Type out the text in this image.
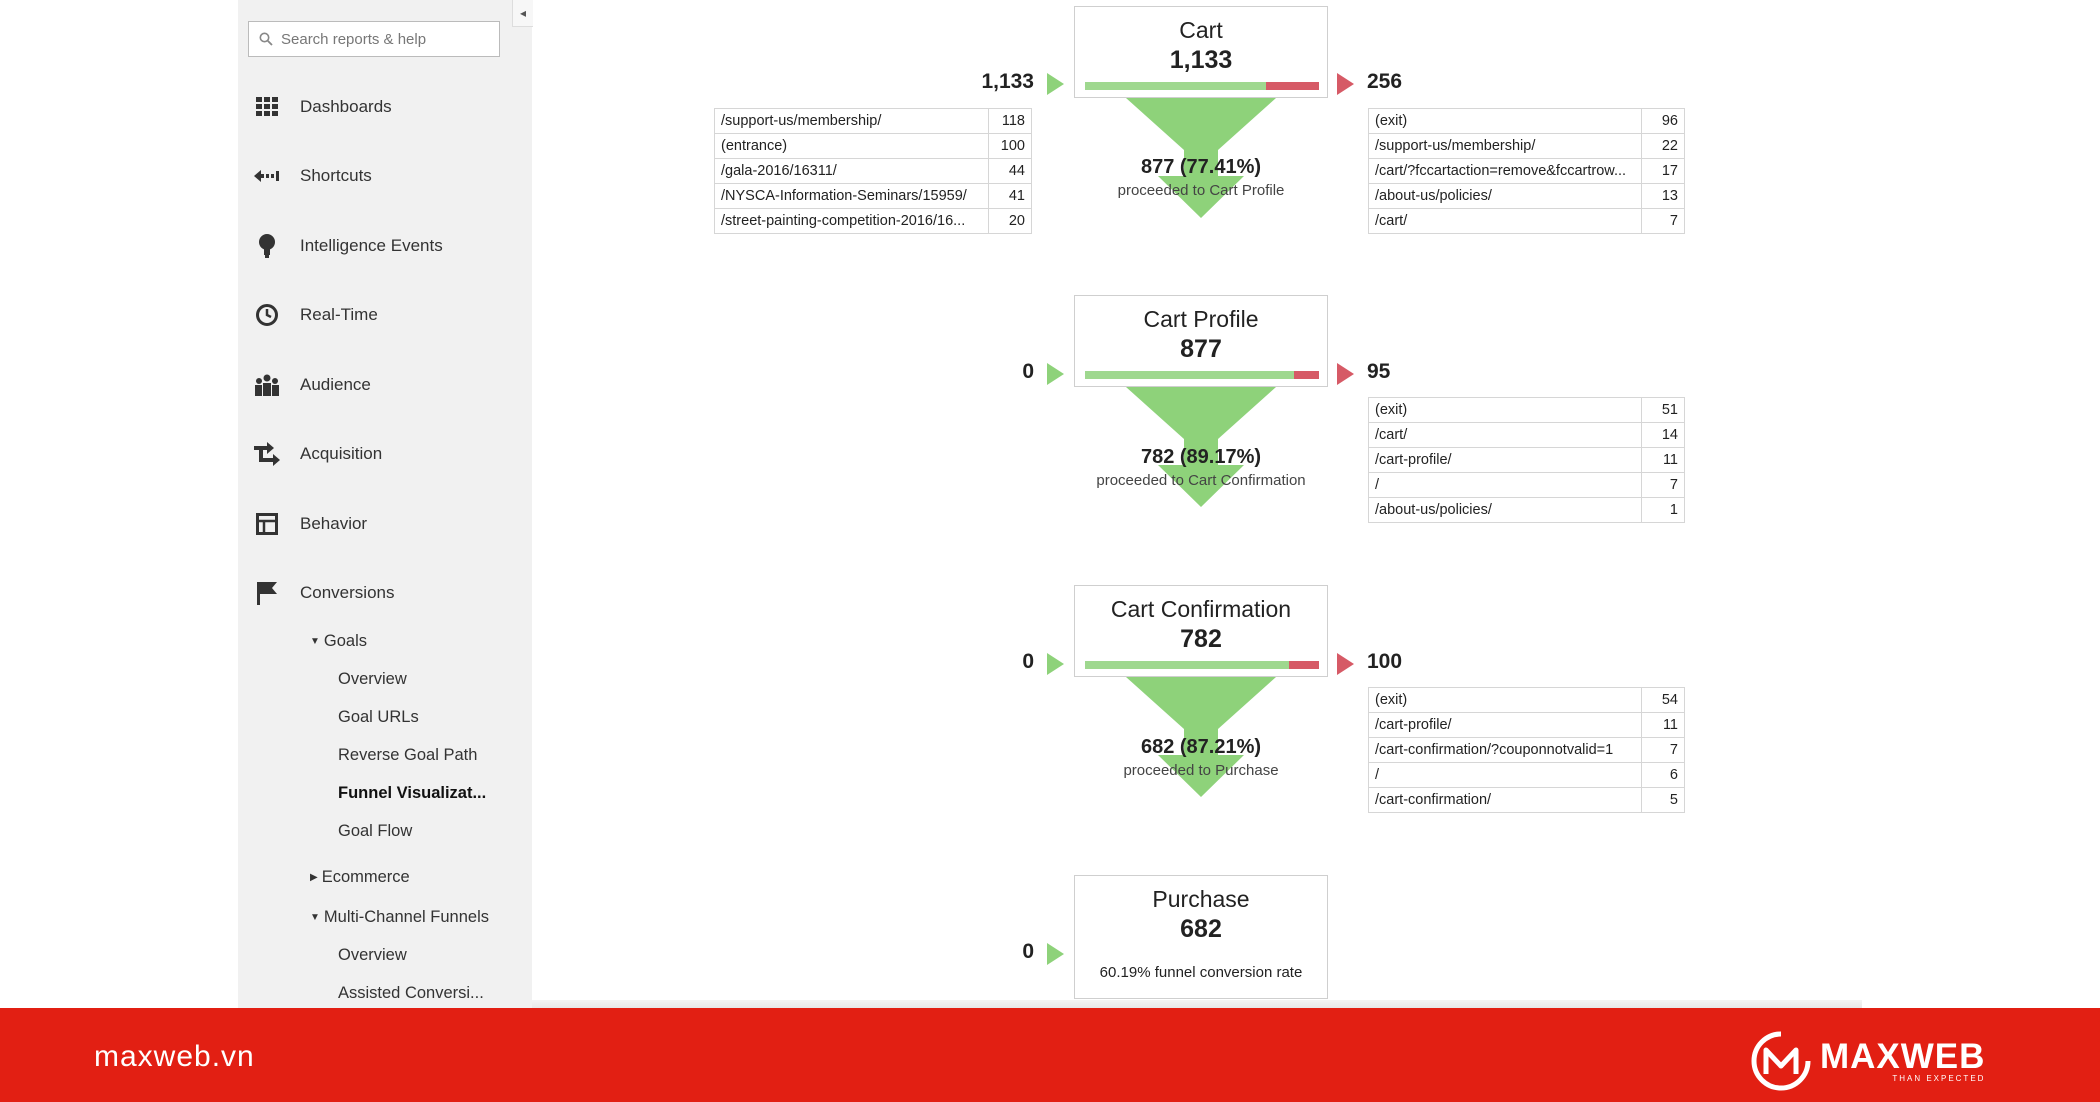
◂
Search reports & help
Dashboards
Shortcuts
Intelligence Events
Real-Time
Audience
Acquisition
Behavior
Conversions
▼ Goals
Overview
Goal URLs
Reverse Goal Path
Funnel Visualizat...
Goal Flow
▶ Ecommerce
▼ Multi-Channel Funnels
Overview
Assisted Conversi...
1,133
Cart
1,133
256
877 (77.41%)
proceeded to Cart Profile
/support-us/membership/	118
(entrance)	100
/gala-2016/16311/	44
/NYSCA-Information-Seminars/15959/	41
/street-painting-competition-2016/16...	20
(exit)	96
/support-us/membership/	22
/cart/?fccartaction=remove&fccartrow...	17
/about-us/policies/	13
/cart/	7
0
Cart Profile
877
95
782 (89.17%)
proceeded to Cart Confirmation
(exit)	51
/cart/	14
/cart-profile/	11
/	7
/about-us/policies/	1
0
Cart Confirmation
782
100
682 (87.21%)
proceeded to Purchase
(exit)	54
/cart-profile/	11
/cart-confirmation/?couponnotvalid=1	7
/	6
/cart-confirmation/	5
0
Purchase
682
60.19% funnel conversion rate
maxweb.vn	MAXWEB
THAN EXPECTED
